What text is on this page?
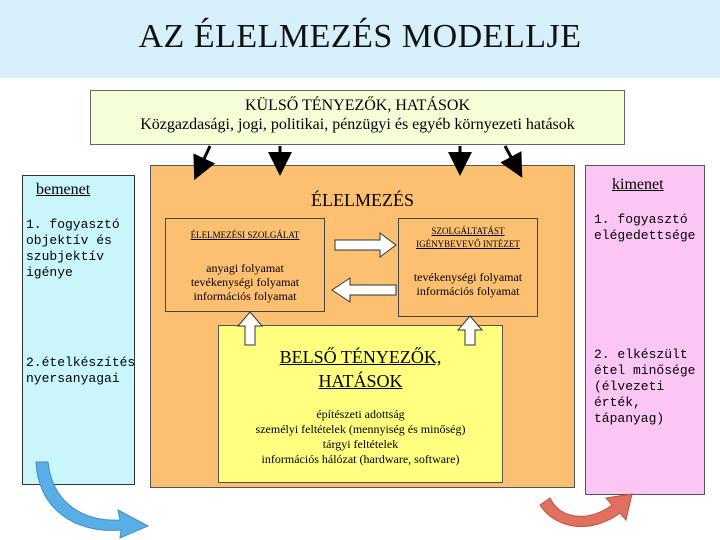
AZ ÉLELMEZÉS MODELLJE
KÜLSŐ TÉNYEZŐK, HATÁSOK
Közgazdasági, jogi, politikai, pénzügyi és egyéb környezeti hatások
bemenet
1. fogyasztó objektív és szubjektív igénye
2.ételkészítés nyersanyagai
ÉLELMEZÉS
ÉLELMEZÉSI SZOLGÁLAT
anyagi folyamat
tevékenységi folyamat
információs folyamat
SZOLGÁLTATÁST
IGÉNYBEVEVŐ INTÉZET
tevékenységi folyamat
információs folyamat
BELSŐ TÉNYEZŐK,
HATÁSOK
építészeti adottság
személyi feltételek (mennyiség és minőség)
tárgyi feltételek
információs hálózat (hardware, software)
kimenet
1. fogyasztó elégedettsége
2. elkészült étel minősége (élvezeti érték, tápanyag)
